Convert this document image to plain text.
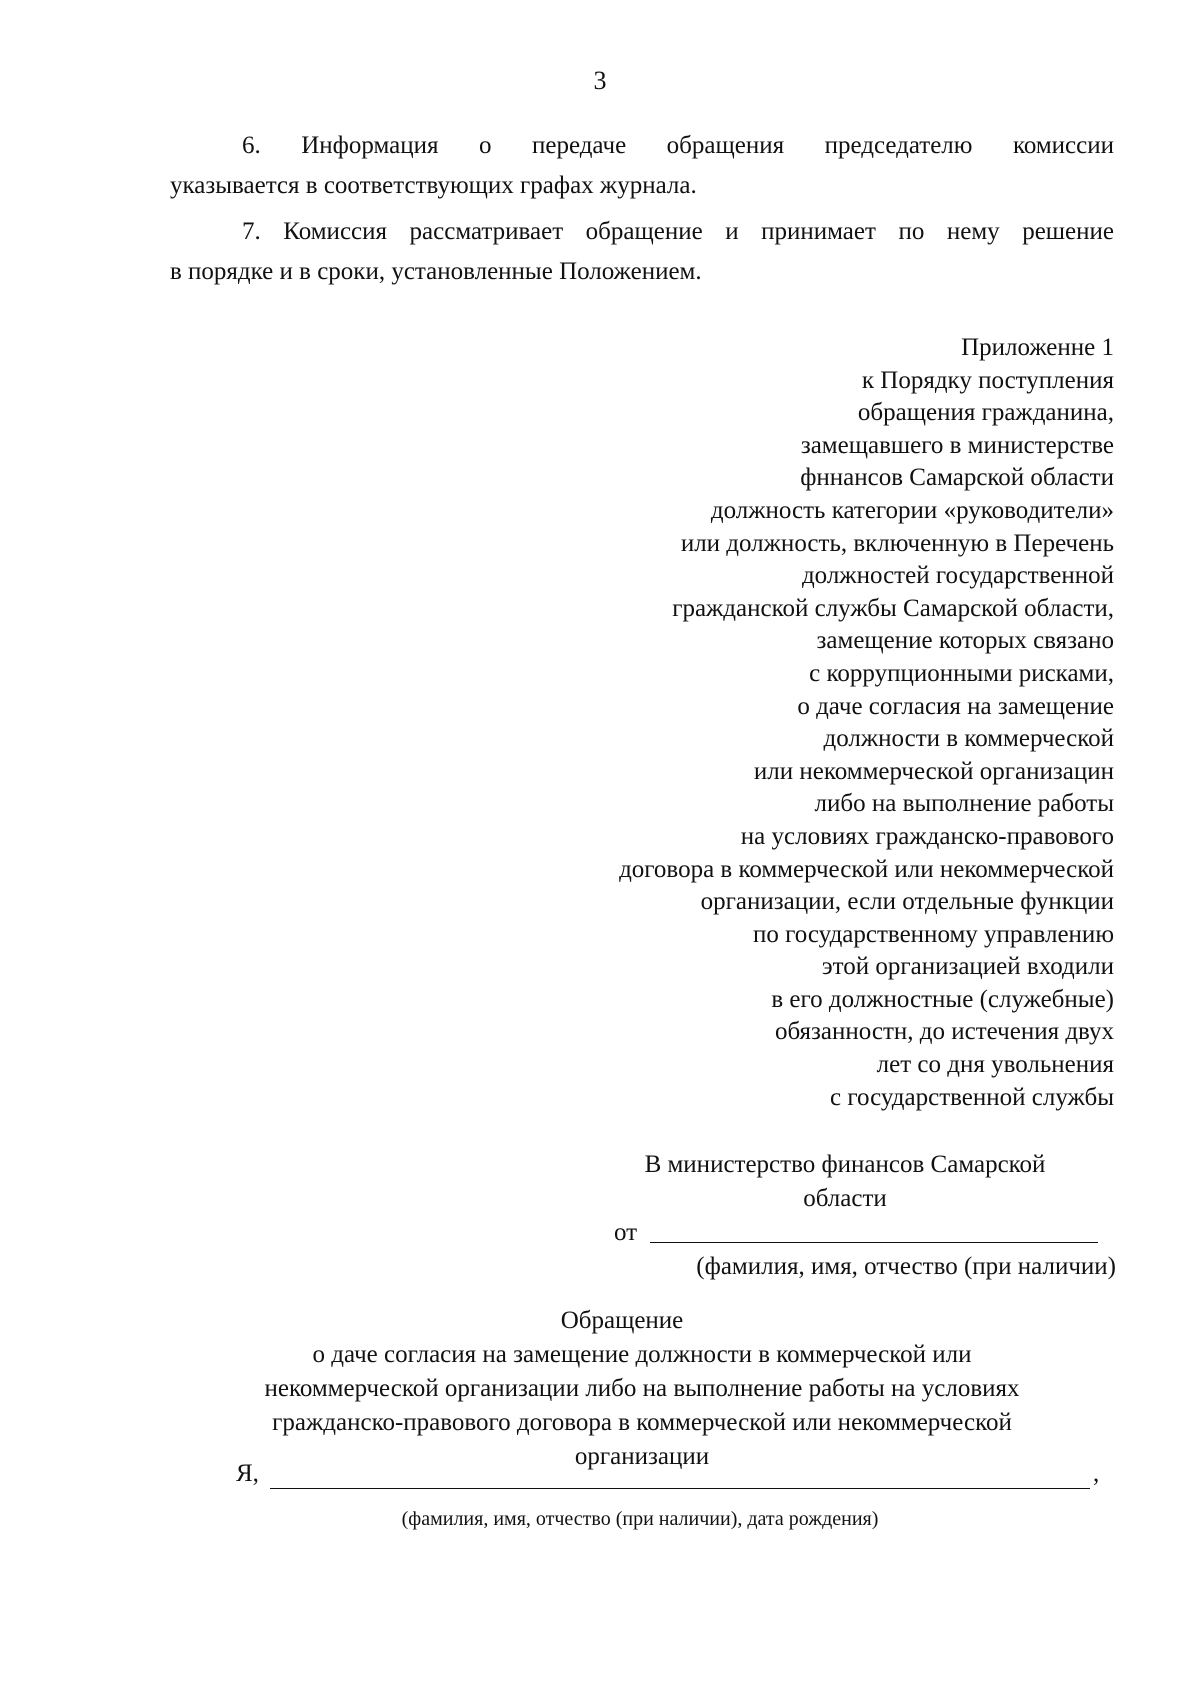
3
6. Информация о передаче обращения председателю комиссии
указывается в соответствующих графах журнала.
7. Комиссия рассматривает обращение и принимает по нему решение
в порядке и в сроки, установленные Положением.
Приложенне 1
к Порядку поступления
обращения гражданина,
замещавшего в министерстве
фннансов Самарской области
должность категории «руководители»
или должность, включенную в Перечень
должностей государственной
гражданской службы Самарской области,
замещение которых связано
с коррупционными рисками,
о даче согласия на замещение
должности в коммерческой
или некоммерческой организацин
либо на выполнение работы
на условиях гражданско-правового
договора в коммерческой или некоммерческой
организации, если отдельные функции
по государственному управлению
этой организацией входили
в его должностные (служебные)
обязанностн, до истечения двух
лет со дня увольнения
с государственной службы
В министерство финансов Самарской
области
от
(фамилия, имя, отчество (при наличии)
Обращение
о даче согласия на замещение должности в коммерческой или
некоммерческой организации либо на выполнение работы на условиях
гражданско-правового договора в коммерческой или некоммерческой
организации
Я,	,
(фамилия, имя, отчество (при наличии), дата рождения)
